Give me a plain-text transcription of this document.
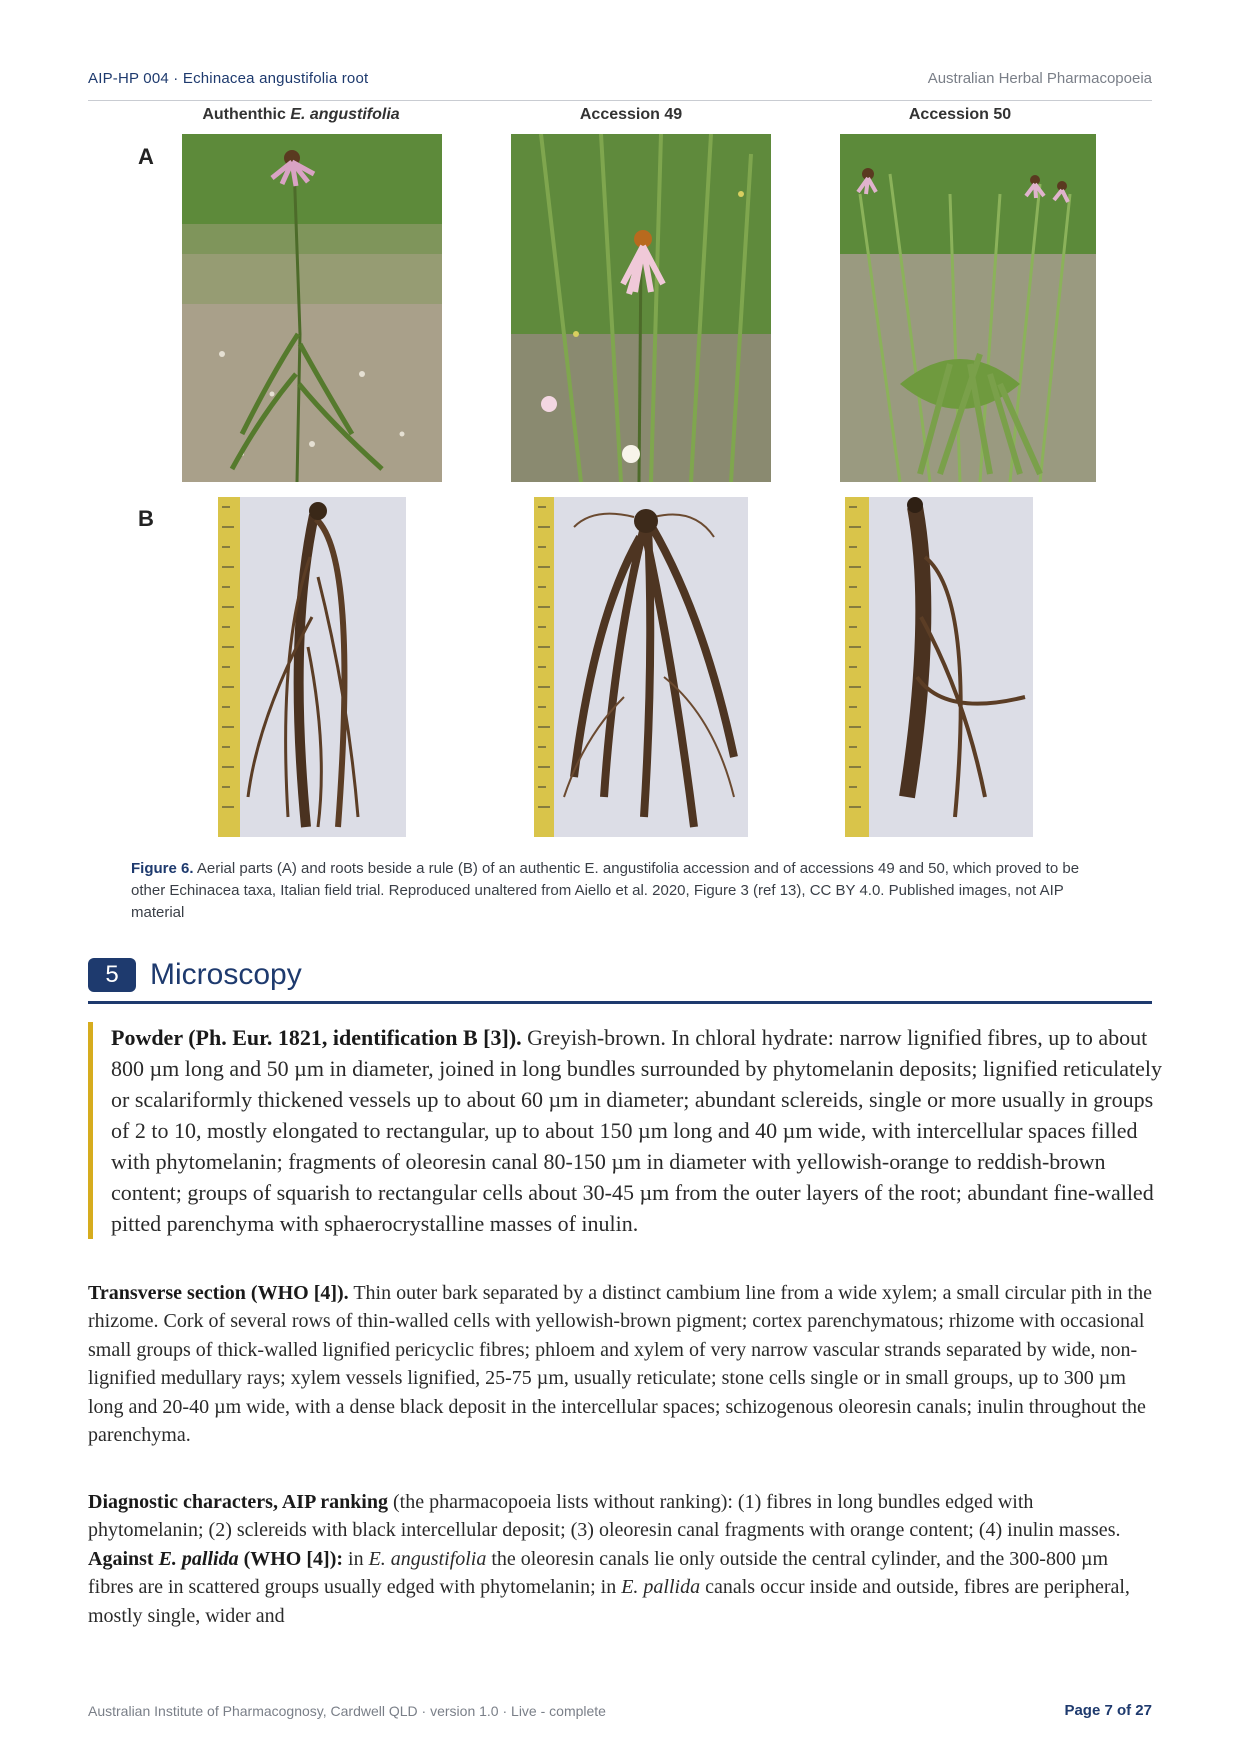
AIP-HP 004 · Echinacea angustifolia root	Australian Herbal Pharmacopoeia
Authenthic E. angustifolia	Accession 49	Accession 50
A
B
Figure 6. Aerial parts (A) and roots beside a rule (B) of an authentic E. angustifolia accession and of accessions 49 and 50, which proved to be other Echinacea taxa, Italian field trial. Reproduced unaltered from Aiello et al. 2020, Figure 3 (ref 13), CC BY 4.0. Published images, not AIP material
5	Microscopy
Powder (Ph. Eur. 1821, identification B [3]). Greyish-brown. In chloral hydrate: narrow lignified fibres, up to about 800 µm long and 50 µm in diameter, joined in long bundles surrounded by phytomelanin deposits; lignified reticulately or scalariformly thickened vessels up to about 60 µm in diameter; abundant sclereids, single or more usually in groups of 2 to 10, mostly elongated to rectangular, up to about 150 µm long and 40 µm wide, with intercellular spaces filled with phytomelanin; fragments of oleoresin canal 80-150 µm in diameter with yellowish-orange to reddish-brown content; groups of squarish to rectangular cells about 30-45 µm from the outer layers of the root; abundant fine-walled pitted parenchyma with sphaerocrystalline masses of inulin.
Transverse section (WHO [4]). Thin outer bark separated by a distinct cambium line from a wide xylem; a small circular pith in the rhizome. Cork of several rows of thin-walled cells with yellowish-brown pigment; cortex parenchymatous; rhizome with occasional small groups of thick-walled lignified pericyclic fibres; phloem and xylem of very narrow vascular strands separated by wide, non-lignified medullary rays; xylem vessels lignified, 25-75 µm, usually reticulate; stone cells single or in small groups, up to 300 µm long and 20-40 µm wide, with a dense black deposit in the intercellular spaces; schizogenous oleoresin canals; inulin throughout the parenchyma.
Diagnostic characters, AIP ranking (the pharmacopoeia lists without ranking): (1) fibres in long bundles edged with phytomelanin; (2) sclereids with black intercellular deposit; (3) oleoresin canal fragments with orange content; (4) inulin masses. Against E. pallida (WHO [4]): in E. angustifolia the oleoresin canals lie only outside the central cylinder, and the 300-800 µm fibres are in scattered groups usually edged with phytomelanin; in E. pallida canals occur inside and outside, fibres are peripheral, mostly single, wider and
Australian Institute of Pharmacognosy, Cardwell QLD · version 1.0 · Live - complete	Page 7 of 27
